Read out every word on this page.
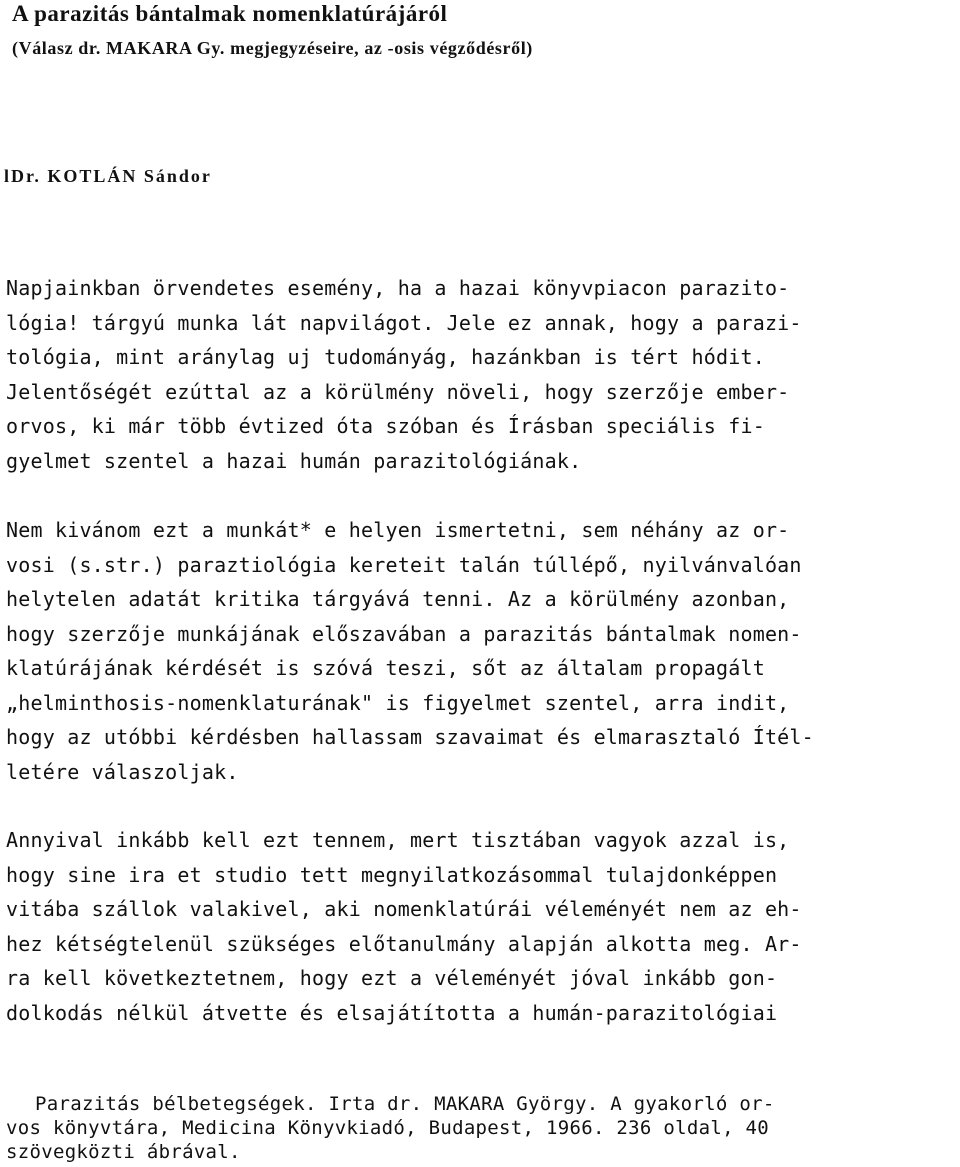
A parazitás bántalmak nomenklatúrájáról
(Válasz dr. MAKARA Gy. megjegyzéseire, az -osis végződésről)
lDr. KOTLÁN Sándor

Napjainkban örvendetes esemény, ha a hazai könyvpiacon parazito-
lógia! tárgyú munka lát napvilágot. Jele ez annak, hogy a parazi-
tológia, mint aránylag uj tudományág, hazánkban is tért hódit.
Jelentőségét ezúttal az a körülmény növeli, hogy szerzője ember-
orvos, ki már több évtized óta szóban és Írásban speciális fi-
gyelmet szentel a hazai humán parazitológiának.

Nem kivánom ezt a munkát* e helyen ismertetni, sem néhány az or-
vosi (s.str.) paraztiológia kereteit talán túllépő, nyilvánvalóan
helytelen adatát kritika tárgyává tenni. Az a körülmény azonban,
hogy szerzője munkájának előszavában a parazitás bántalmak nomen-
klatúrájának kérdését is szóvá teszi, sőt az általam propagált
„helminthosis-nomenklaturának" is figyelmet szentel, arra indit,
hogy az utóbbi kérdésben hallassam szavaimat és elmarasztaló Ítél-
letére válaszoljak.

Annyival inkább kell ezt tennem, mert tisztában vagyok azzal is,
hogy sine ira et studio tett megnyilatkozásommal tulajdonképpen
vitába szállok valakivel, aki nomenklatúrái véleményét nem az eh-
hez kétségtelenül szükséges előtanulmány alapján alkotta meg. Ar-
ra kell következtetnem, hogy ezt a véleményét jóval inkább gon-
dolkodás nélkül átvette és elsajátította a humán-parazitológiai

Parazitás bélbetegségek. Irta dr. MAKARA György. A gyakorló or-
vos könyvtára, Medicina Könyvkiadó, Budapest, 1966. 236 oldal, 40
szövegközti ábrával.
